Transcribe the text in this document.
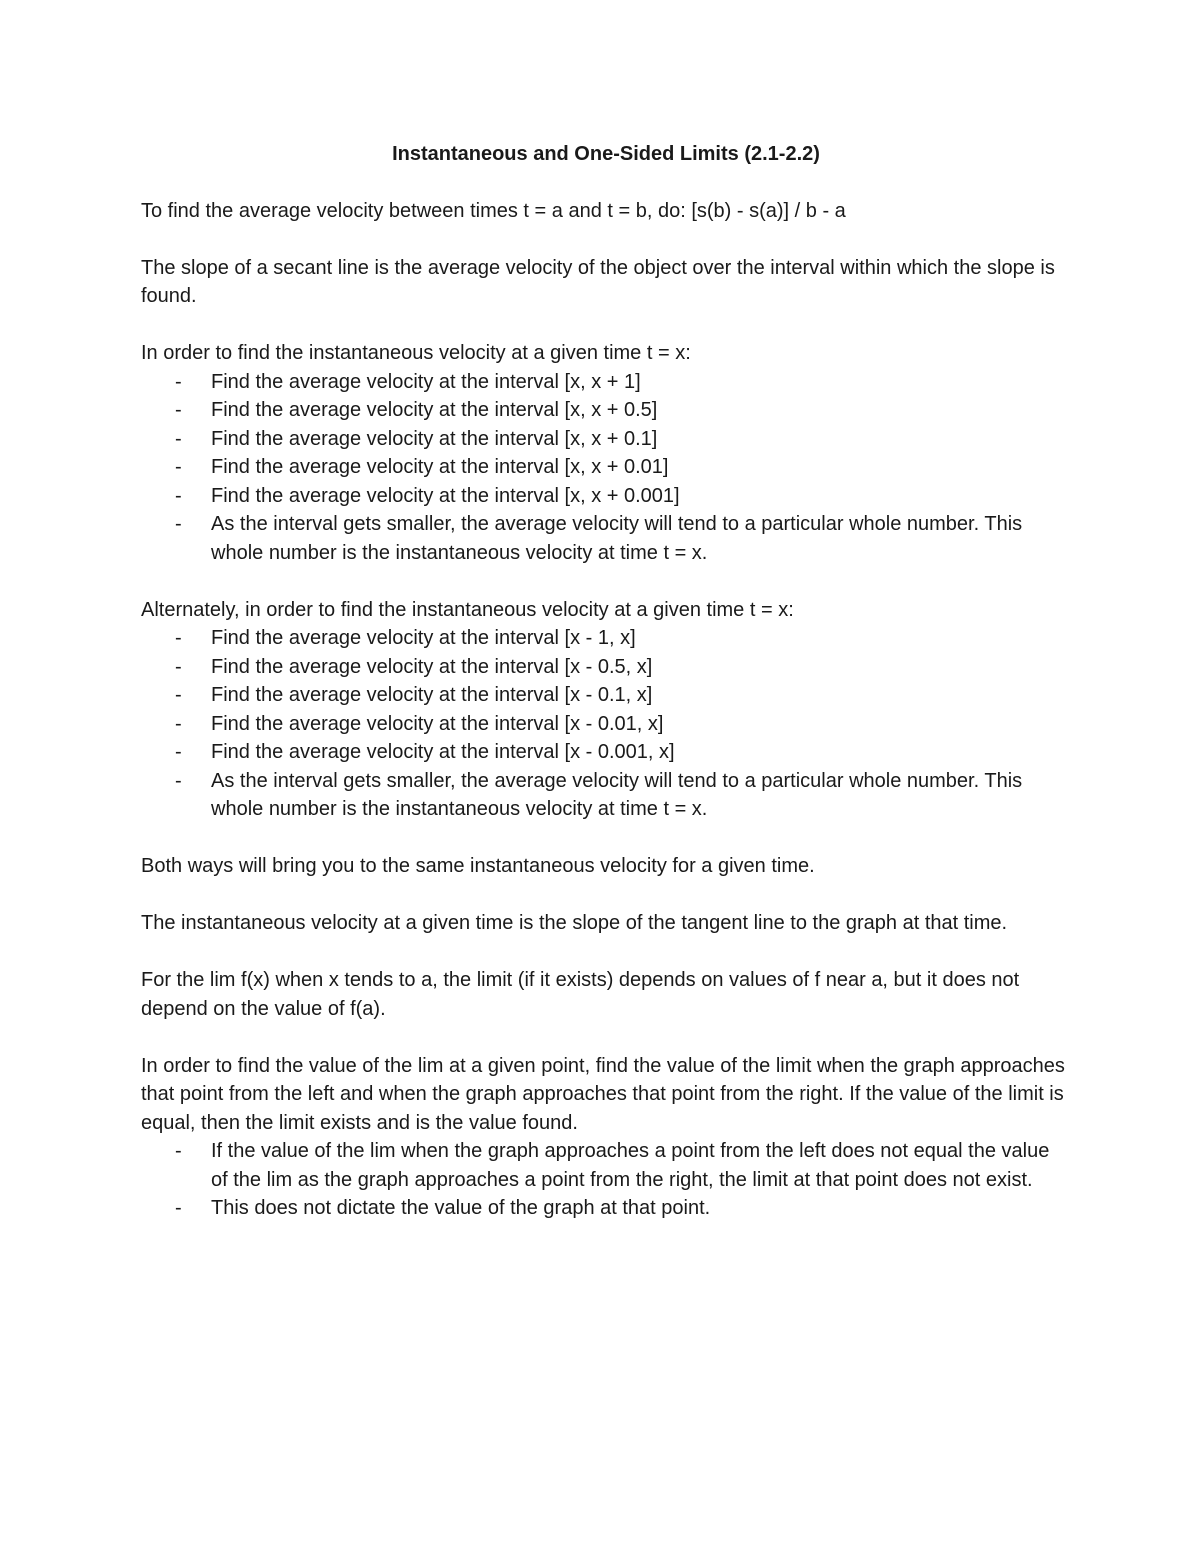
Instantaneous and One-Sided Limits (2.1-2.2)

To find the average velocity between times t = a and t = b, do: [s(b) - s(a)] / b - a

The slope of a secant line is the average velocity of the object over the interval within which the slope is found.

In order to find the instantaneous velocity at a given time t = x:

- Find the average velocity at the interval [x, x + 1]
- Find the average velocity at the interval [x, x + 0.5]
- Find the average velocity at the interval [x, x + 0.1]
- Find the average velocity at the interval [x, x + 0.01]
- Find the average velocity at the interval [x, x + 0.001]
- As the interval gets smaller, the average velocity will tend to a particular whole number. This whole number is the instantaneous velocity at time t = x.

Alternately, in order to find the instantaneous velocity at a given time t = x:

- Find the average velocity at the interval [x - 1, x]
- Find the average velocity at the interval [x - 0.5, x]
- Find the average velocity at the interval [x - 0.1, x]
- Find the average velocity at the interval [x - 0.01, x]
- Find the average velocity at the interval [x - 0.001, x]
- As the interval gets smaller, the average velocity will tend to a particular whole number. This whole number is the instantaneous velocity at time t = x.

Both ways will bring you to the same instantaneous velocity for a given time.

The instantaneous velocity at a given time is the slope of the tangent line to the graph at that time.

For the lim f(x) when x tends to a, the limit (if it exists) depends on values of f near a, but it does not depend on the value of f(a).

In order to find the value of the lim at a given point, find the value of the limit when the graph approaches that point from the left and when the graph approaches that point from the right. If the value of the limit is equal, then the limit exists and is the value found.

- If the value of the lim when the graph approaches a point from the left does not equal the value of the lim as the graph approaches a point from the right, the limit at that point does not exist.
- This does not dictate the value of the graph at that point.
